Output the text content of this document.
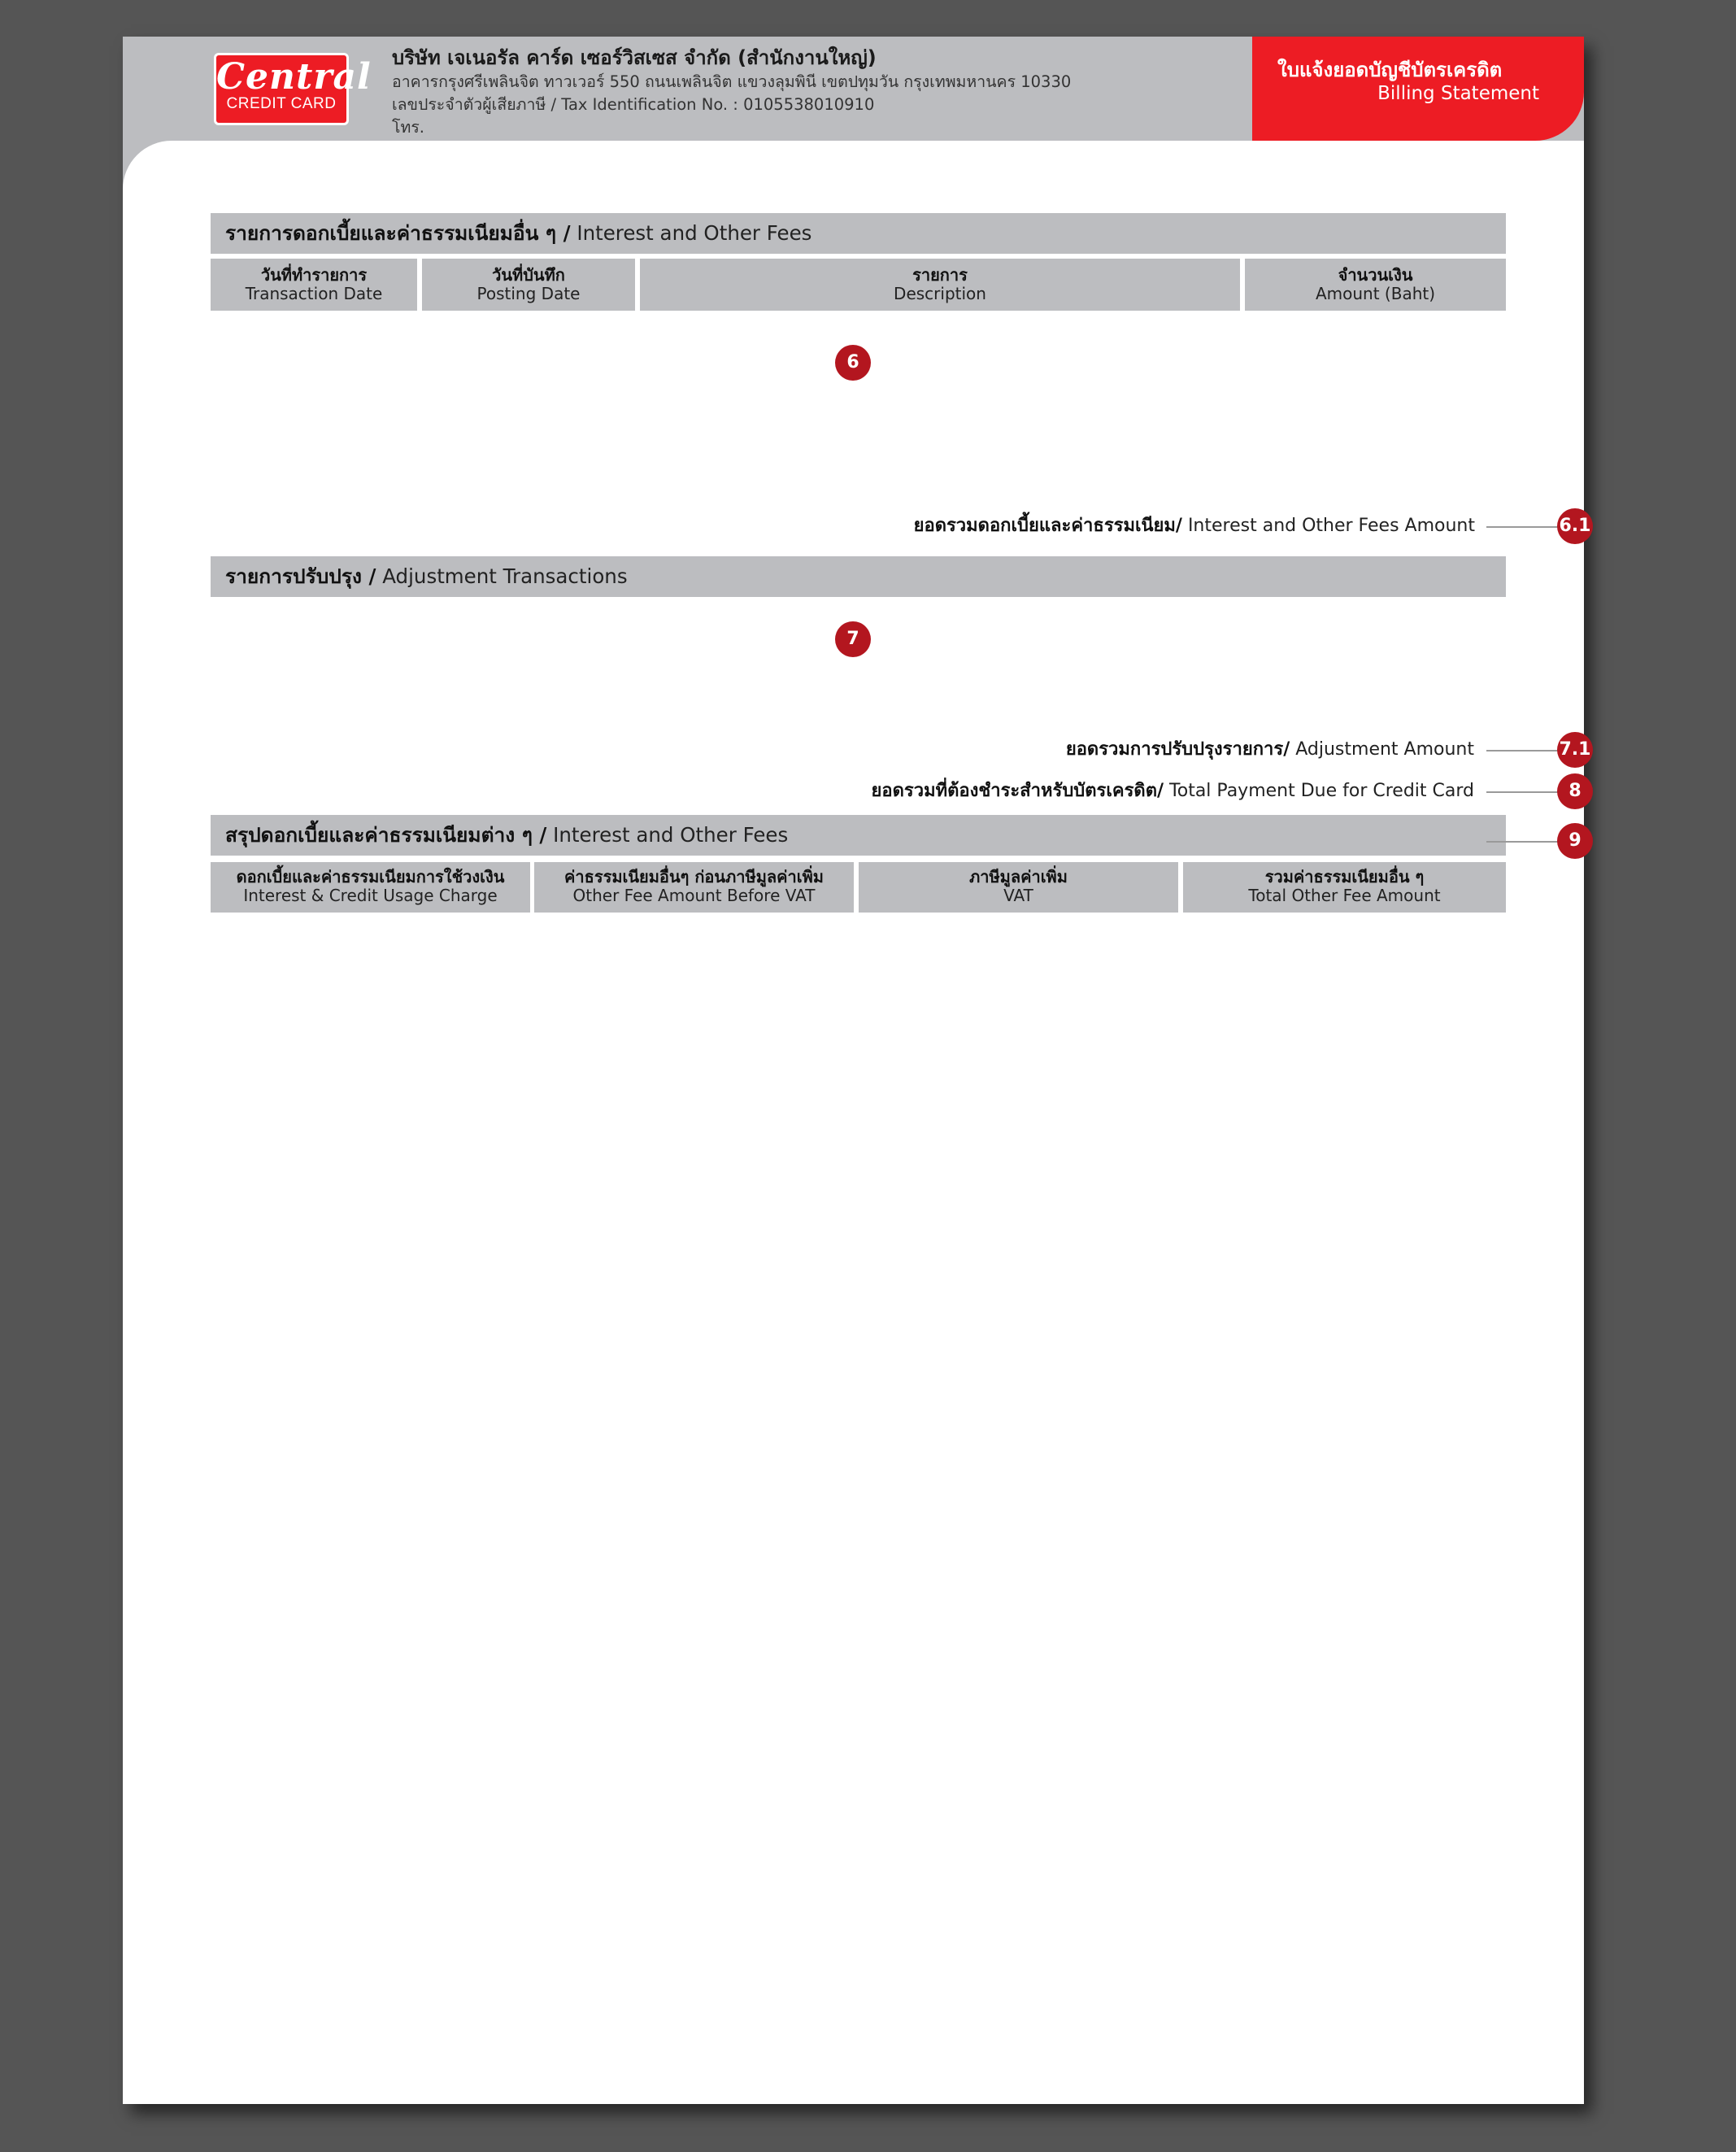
Central
CREDIT CARD
บริษัท เจเนอรัล คาร์ด เซอร์วิสเซส จำกัด (สำนักงานใหญ่)
อาคารกรุงศรีเพลินจิต ทาวเวอร์ 550 ถนนเพลินจิต แขวงลุมพินี เขตปทุมวัน กรุงเทพมหานคร 10330
เลขประจำตัวผู้เสียภาษี / Tax Identification No. : 0105538010910
โทร.
ใบแจ้งยอดบัญชีบัตรเครดิต
Billing Statement
รายการดอกเบี้ยและค่าธรรมเนียมอื่น ๆ / Interest and Other Fees
วันที่ทำรายการ
Transaction Date
วันที่บันทึก
Posting Date
รายการ
Description
จำนวนเงิน
Amount (Baht)
6
ยอดรวมดอกเบี้ยและค่าธรรมเนียม/ Interest and Other Fees Amount	6.1
รายการปรับปรุง / Adjustment Transactions
7
ยอดรวมการปรับปรุงรายการ/ Adjustment Amount	7.1
ยอดรวมที่ต้องชำระสำหรับบัตรเครดิต/ Total Payment Due for Credit Card	8
สรุปดอกเบี้ยและค่าธรรมเนียมต่าง ๆ / Interest and Other Fees	9
ดอกเบี้ยและค่าธรรมเนียมการใช้วงเงิน
Interest & Credit Usage Charge
ค่าธรรมเนียมอื่นๆ ก่อนภาษีมูลค่าเพิ่ม
Other Fee Amount Before VAT
ภาษีมูลค่าเพิ่ม
VAT
รวมค่าธรรมเนียมอื่น ๆ
Total Other Fee Amount
